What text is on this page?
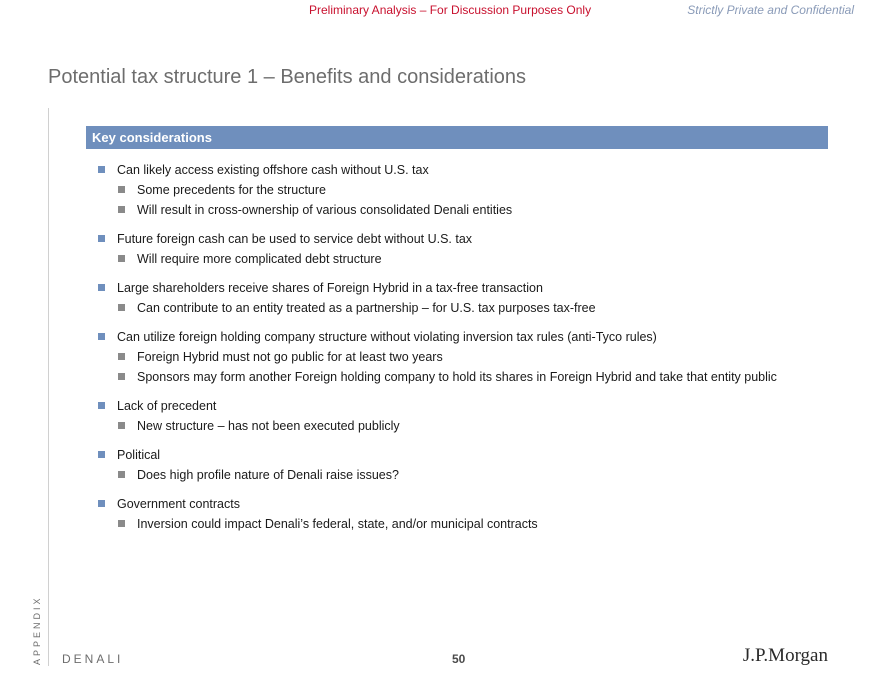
Preliminary Analysis – For Discussion Purposes Only	Strictly Private and Confidential
Potential tax structure 1 – Benefits and considerations
Key considerations
Can likely access existing offshore cash without U.S. tax
Some precedents for the structure
Will result in cross-ownership of various consolidated Denali entities
Future foreign cash can be used to service debt without U.S. tax
Will require more complicated debt structure
Large shareholders receive shares of Foreign Hybrid in a tax-free transaction
Can contribute to an entity treated as a partnership – for U.S. tax purposes tax-free
Can utilize foreign holding company structure without violating inversion tax rules (anti-Tyco rules)
Foreign Hybrid must not go public for at least two years
Sponsors may form another Foreign holding company to hold its shares in Foreign Hybrid and take that entity public
Lack of precedent
New structure – has not been executed publicly
Political
Does high profile nature of Denali raise issues?
Government contracts
Inversion could impact Denali’s federal, state, and/or municipal contracts
APPENDIX DENALI	50	J.P.Morgan
